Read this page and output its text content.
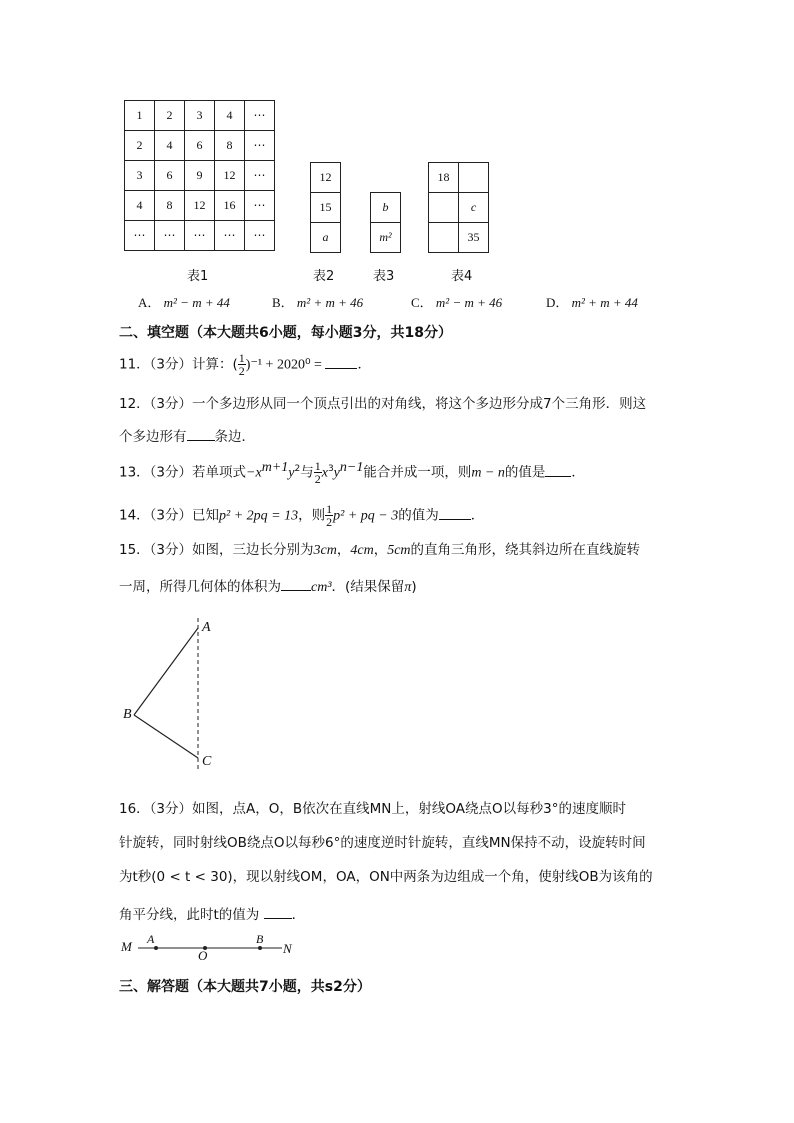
1	2	3	4	⋯
2	4	6	8	⋯
3	6	9	12	⋯
4	8	12	16	⋯
⋯	⋯	⋯	⋯	⋯
表1
12
15
a
表2
b
m²
表3
18	
	c
	35
表4
A． m² − m + 44	B． m² + m + 46	C． m² − m + 46	D． m² + m + 44
二、填空题（本大题共6小题，每小题3分，共18分）
11．（3分）计算：( $\frac{1}{2} )^{-1} + 2020^0$ = ．
12．（3分）一个多边形从同一个顶点引出的对角线，将这个多边形分成7个三角形．则这
个多边形有 条边．
13．（3分）若单项式$-x^{m+1}y^2$与 $\frac{1}{2} x^3y^{n-1}$能合并成一项，则m − n的值是 ．
14．（3分）已知p² + 2pq = 13，则 $\frac{1}{2} p^2$ + pq − 3的值为 ．
15．（3分）如图，三边长分别为3cm，4cm，5cm的直角三角形，绕其斜边所在直线旋转
一周，所得几何体的体积为 cm³．(结果保留π)
A
B
C
16．（3分）如图，点A，O，B依次在直线MN上，射线OA绕点O以每秒3°的速度顺时
针旋转，同时射线OB绕点O以每秒6°的速度逆时针旋转，直线MN保持不动，设旋转时间
为t秒(0 < t < 30)，现以射线OM，OA，ON中两条为边组成一个角，使射线OB为该角的
角平分线，此时t的值为 ．
M A
O
B
N
三、解答题（本大题共7小题，共s2分）
